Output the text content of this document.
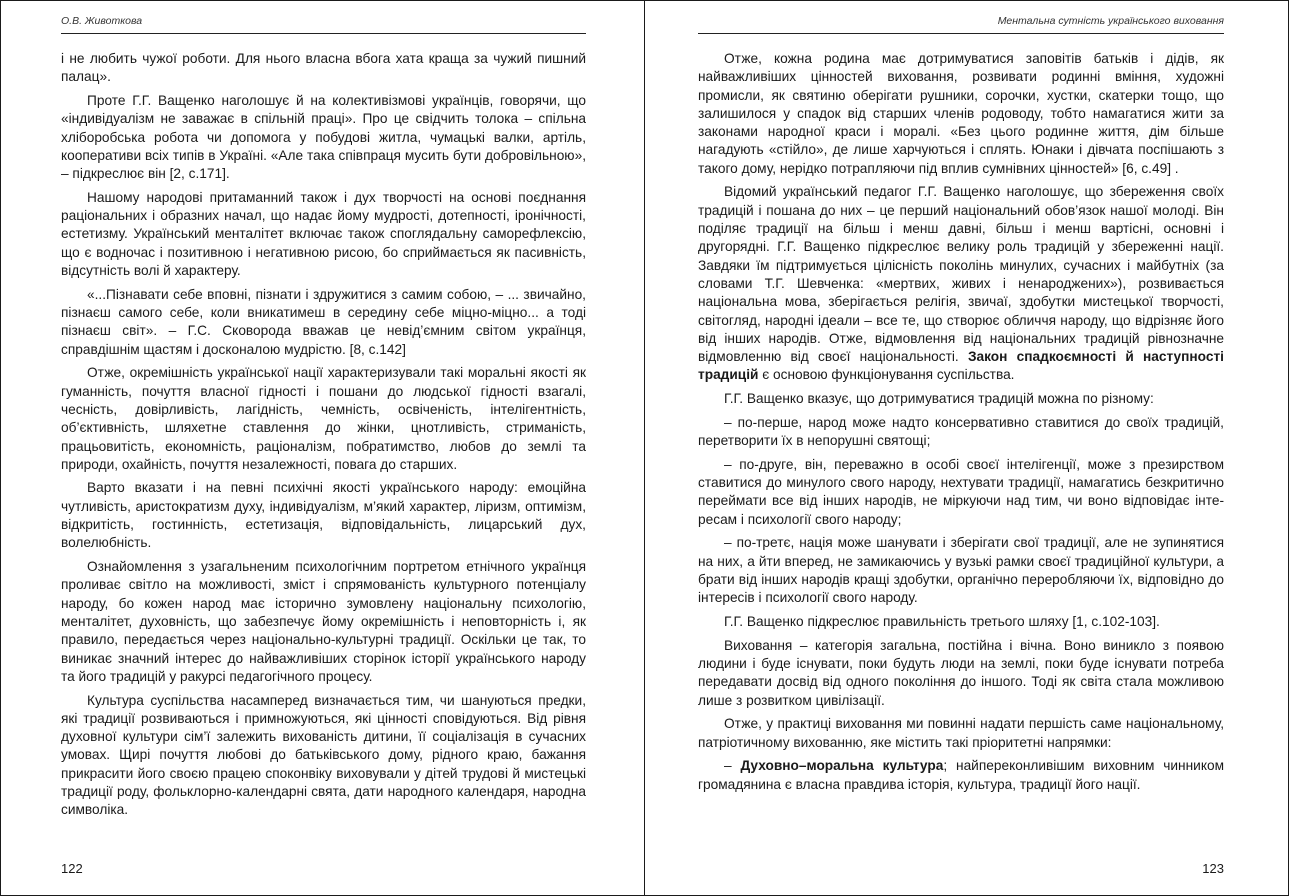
О.В. Животкова

і не любить чужої роботи. Для нього власна вбога хата краща за чужий пишний палац».

Проте Г.Г. Ващенко наголошує й на колективізмові українців, говорячи, що «індивідуалізм не заважає в спільній праці». Про це свідчить толока – спільна хліборобська робота чи допомога у побудові житла, чумацькі валки, артіль, кооперативи всіх типів в Україні. «Але така співпраця мусить бути добровільною», – підкреслює він [2, с.171].

Нашому народові притаманний також і дух творчості на основі поєднання раціональних і образних начал, що надає йому мудрості, дотепності, іронічності, естетизму. Український менталітет включає також споглядальну саморефлексію, що є водночас і позитивною і негативною рисою, бо сприймається як пасивність, відсутність волі й характеру.

«...Пізнавати себе вповні, пізнати і здружитися з самим собою, – ... звичайно, пізнаєш самого себе, коли вникатимеш в середину себе міцно-міцно... а тоді пізнаєш світ». – Г.С. Сковорода вважав це невід’ємним світом українця, справдішнім щастям і досконалою мудрістю. [8, с.142]

Отже, окремішність української нації характеризували такі моральні якості як гуманність, почуття власної гідності і пошани до людської гідності взагалі, чесність, довірливість, лагідність, чемність, освіченість, інтелігентність, об’єктивність, шляхетне ставлення до жінки, цнотливість, стриманість, працьовитість, економність, раціоналізм, побратимство, любов до землі та природи, охайність, почуття незалежності, повага до старших.

Варто вказати і на певні психічні якості українського народу: емоційна чутливість, аристократизм духу, індивідуалізм, м’який характер, ліризм, оптимізм, відкритість, гостинність, естетизація, відповідальність, лицарський дух, волелюбність.

Ознайомлення з узагальненим психологічним портретом етнічного українця проливає світло на можливості, зміст і спрямованість культурного потенціалу народу, бо кожен народ має історично зумовлену національну психологію, менталітет, духовність, що забезпечує йому окремішність і неповторність і, як правило, передається через національно-культурні традиції. Оскільки це так, то виникає значний інтерес до найважливіших сторінок історії українського народу та його традицій у ракурсі педагогічного процесу.

Культура суспільства насамперед визначається тим, чи шануються предки, які традиції розвиваються і примножуються, які цінності сповідуються. Від рівня духовної культури сім’ї залежить вихованість дитини, її соціалізація в сучасних умовах. Щирі почуття любові до батьківського дому, рідного краю, бажання прикрасити його своєю працею споконвіку виховували у дітей трудові й мистецькі традиції роду, фольклорно-календарні свята, дати народного календаря, народна символіка.

122
Ментальна сутність українського виховання

Отже, кожна родина має дотримуватися заповітів батьків і дідів, як найважливіших цінностей виховання, розвивати родинні вміння, художні промисли, як святиню оберігати рушники, сорочки, хустки, скатерки тощо, що залишилося у спадок від старших членів родоводу, тобто намагатися жити за законами народної краси і моралі. «Без цього родинне життя, дім більше нагадують «стійло», де лише харчуються і сплять. Юнаки і дівчата поспішають з такого дому, нерідко потрапляючи під вплив сумнівних цінностей» [6, с.49] .

Відомий український педагог Г.Г. Ващенко наголошує, що збереження своїх традицій і пошана до них – це перший національний обов’язок нашої молоді. Він поділяє традиції на більш і менш давні, більш і менш вартісні, основні і другорядні. Г.Г. Ващенко підкреслює велику роль традицій у збереженні нації. Завдяки їм підтримується цілісність поколінь минулих, сучасних і майбутніх (за словами Т.Г. Шевченка: «мертвих, живих і ненароджених»), розвивається національна мова, зберігається релігія, звичаї, здобутки мистецької творчості, світогляд, народні ідеали – все те, що створює обличчя народу, що відрізняє його від інших народів. Отже, відмовлення від національних традицій рівнозначне відмовленню від своєї національності. Закон спадкоємності й наступності традицій є основою функціонування суспільства.

Г.Г. Ващенко вказує, що дотримуватися традицій можна по різному:

– по-перше, народ може надто консервативно ставитися до своїх традицій, перетворити їх в непорушні святощі;

– по-друге, він, переважно в особі своєї інтелігенції, може з презирством ставитися до минулого свого народу, нехтувати традиції, намагатись безкритично переймати все від інших народів, не міркуючи над тим, чи воно відповідає інтересам і психології свого народу;

– по-третє, нація може шанувати і зберігати свої традиції, але не зупинятися на них, а йти вперед, не замикаючись у вузькі рамки своєї традиційної культури, а брати від інших народів кращі здобутки, органічно переробляючи їх, відповідно до інтересів і психології свого народу.

Г.Г. Ващенко підкреслює правильність третього шляху [1, с.102-103].

Виховання – категорія загальна, постійна і вічна. Воно виникло з появою людини і буде існувати, поки будуть люди на землі, поки буде існувати потреба передавати досвід від одного покоління до іншого. Тоді як світа стала можливою лише з розвитком цивілізації.

Отже, у практиці виховання ми повинні надати першість саме національному, патріотичному вихованню, яке містить такі пріоритетні напрямки:

– Духовно–моральна культура; найпереконливішим виховним чинником громадянина є власна правдива історія, культура, традиції його нації.

123
